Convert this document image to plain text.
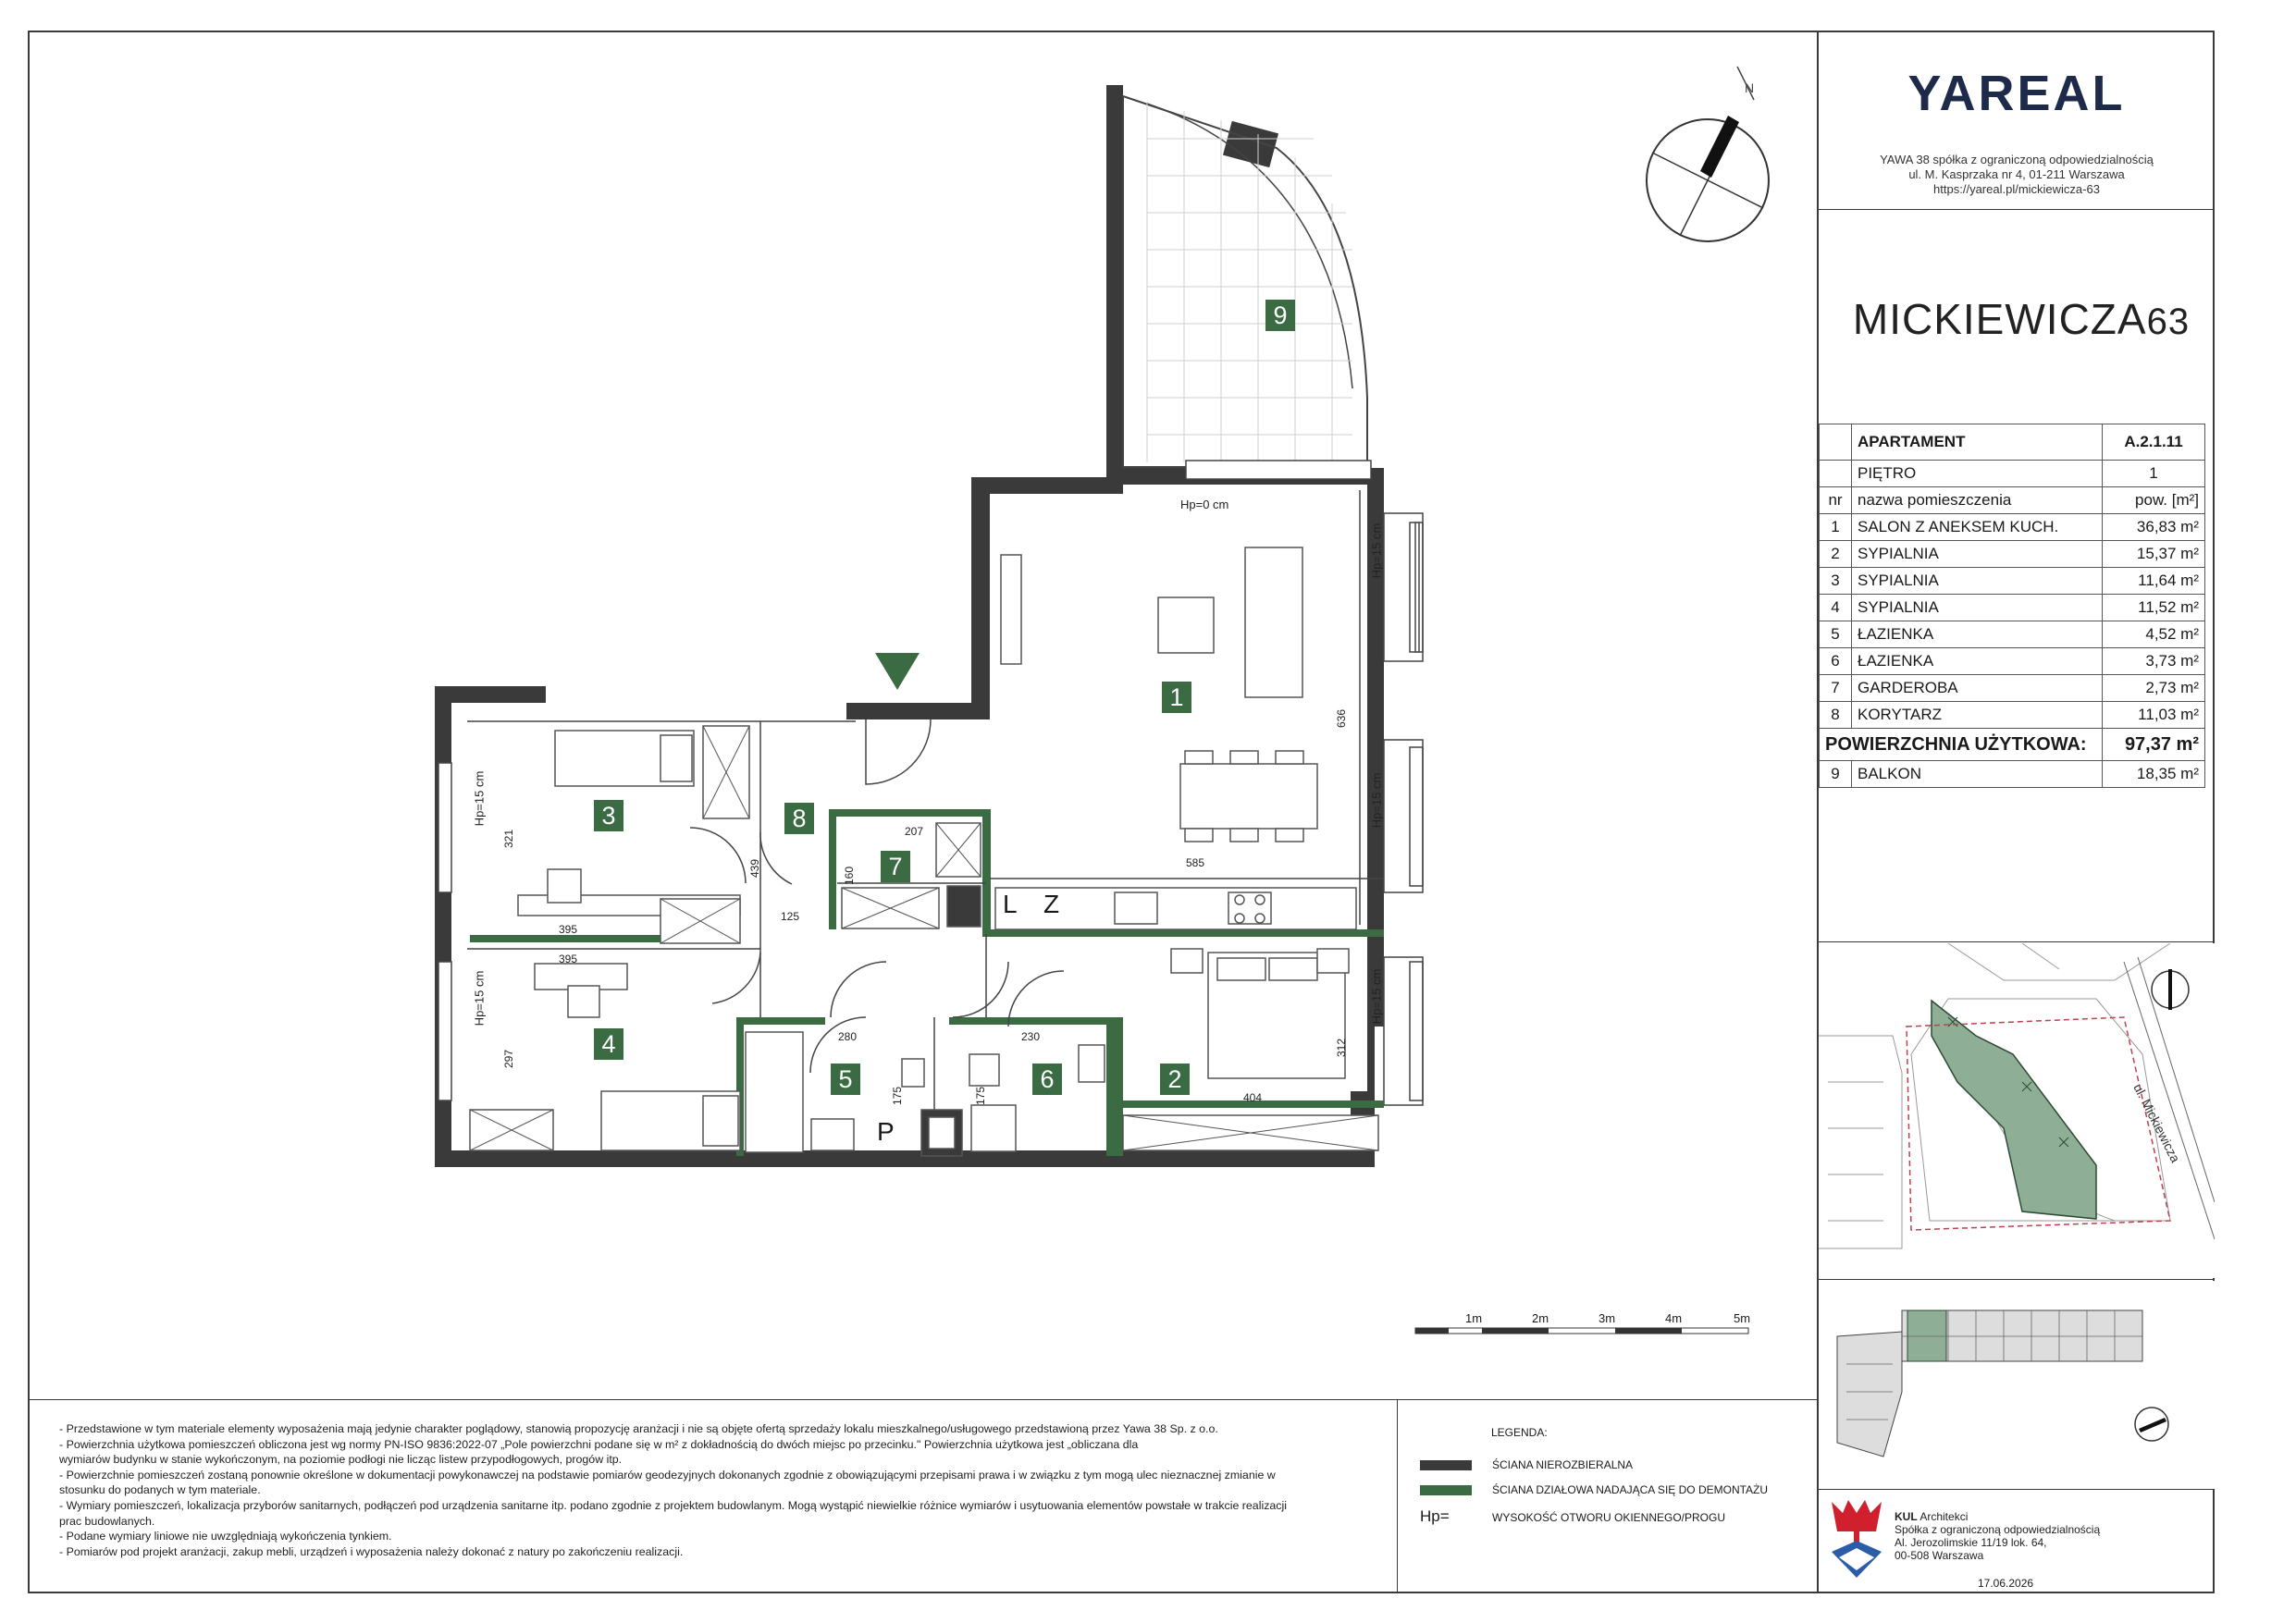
YAREAL
YAWA 38 spółka z ograniczoną odpowiedzialnością
ul. M. Kasprzaka nr 4, 01-211 Warszawa
https://yareal.pl/mickiewicza-63
MICKIEWICZA63
	APARTAMENT	A.2.1.11
	PIĘTRO	1
nr	nazwa pomieszczenia	pow. [m²]
1	SALON Z ANEKSEM KUCH.	36,83 m²
2	SYPIALNIA	15,37 m²
3	SYPIALNIA	11,64 m²
4	SYPIALNIA	11,52 m²
5	ŁAZIENKA	4,52 m²
6	ŁAZIENKA	3,73 m²
7	GARDEROBA	2,73 m²
8	KORYTARZ	11,03 m²
POWIERZCHNIA UŻYTKOWA:		97,37 m²
9	BALKON	18,35 m²
N
1
2
3
4
5	6
7
8
9
395
395
321
297
125
439
207
160
585
636
404
312
280	230
175	175
Hp=0 cm
Hp=15 cm
Hp=15 cm
Hp=15 cm
Hp=15 cm
Hp=15 cm
L Z
P
1m	2m	3m	4m	5m
ul. Mickiewicza
- Przedstawione w tym materiale elementy wyposażenia mają jedynie charakter poglądowy, stanowią propozycję aranżacji i nie są objęte ofertą sprzedaży lokalu mieszkalnego/usługowego przedstawioną przez Yawa 38 Sp. z o.o.
- Powierzchnia użytkowa pomieszczeń obliczona jest wg normy PN-ISO 9836:2022-07 „Pole powierzchni podane się w m² z dokładnością do dwóch miejsc po przecinku." Powierzchnia użytkowa jest „obliczana dla
wymiarów budynku w stanie wykończonym, na poziomie podłogi nie licząc listew przypodłogowych, progów itp.
- Powierzchnie pomieszczeń zostaną ponownie określone w dokumentacji powykonawczej na podstawie pomiarów geodezyjnych dokonanych zgodnie z obowiązującymi przepisami prawa i w związku z tym mogą ulec nieznacznej zmianie w
stosunku do podanych w tym materiale.
- Wymiary pomieszczeń, lokalizacja przyborów sanitarnych, podłączeń pod urządzenia sanitarne itp. podano zgodnie z projektem budowlanym. Mogą wystąpić niewielkie różnice wymiarów i usytuowania elementów powstałe w trakcie realizacji
prac budowlanych.
- Podane wymiary liniowe nie uwzględniają wykończenia tynkiem.
- Pomiarów pod projekt aranżacji, zakup mebli, urządzeń i wyposażenia należy dokonać z natury po zakończeniu realizacji.
LEGENDA:
ŚCIANA NIEROZBIERALNA
ŚCIANA DZIAŁOWA NADAJĄCA SIĘ DO DEMONTAŻU
Hp=	WYSOKOŚĆ OTWORU OKIENNEGO/PROGU	KUL Architekci
Spółka z ograniczoną odpowiedzialnością
Al. Jerozolimskie 11/19 lok. 64,
00-508 Warszawa
17.06.2026
